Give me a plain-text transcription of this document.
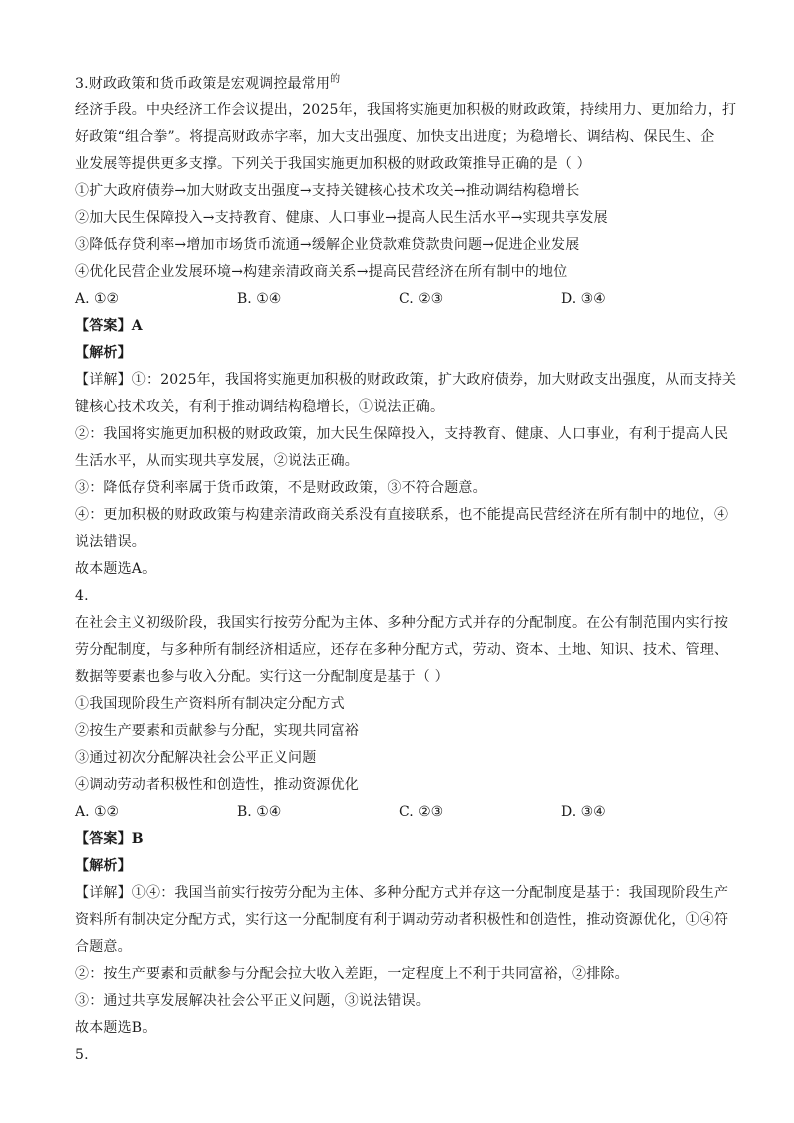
3.财政政策和货币政策是宏观调控最常用$^的$
经济手段。中央经济工作会议提出，2025年，我国将实施更加积极的财政政策，持续用力、更加给力，打
好政策“组合拳”。将提高财政赤字率，加大支出强度、加快支出进度；为稳增长、调结构、保民生、企
业发展等提供更多支撑。下列关于我国实施更加积极的财政政策推导正确的是（ ）
①扩大政府债券→加大财政支出强度→支持关键核心技术攻关→推动调结构稳增长
②加大民生保障投入→支持教育、健康、人口事业→提高人民生活水平→实现共享发展
③降低存贷利率→增加市场货币流通→缓解企业贷款难贷款贵问题→促进企业发展
④优化民营企业发展环境→构建亲清政商关系→提高民营经济在所有制中的地位
A. ①②	B. ①④	C. ②③	D. ③④
【答案】A
【解析】
【详解】①：2025年，我国将实施更加积极的财政政策，扩大政府债券，加大财政支出强度，从而支持关
键核心技术攻关，有利于推动调结构稳增长，①说法正确。
②：我国将实施更加积极的财政政策，加大民生保障投入，支持教育、健康、人口事业，有利于提高人民
生活水平，从而实现共享发展，②说法正确。
③：降低存贷利率属于货币政策，不是财政政策，③不符合题意。
④：更加积极的财政政策与构建亲清政商关系没有直接联系，也不能提高民营经济在所有制中的地位，④
说法错误。
故本题选A。
4.
在社会主义初级阶段，我国实行按劳分配为主体、多种分配方式并存的分配制度。在公有制范围内实行按
劳分配制度，与多种所有制经济相适应，还存在多种分配方式，劳动、资本、土地、知识、技术、管理、
数据等要素也参与收入分配。实行这一分配制度是基于（ ）
①我国现阶段生产资料所有制决定分配方式
②按生产要素和贡献参与分配，实现共同富裕
③通过初次分配解决社会公平正义问题
④调动劳动者积极性和创造性，推动资源优化
A. ①②	B. ①④	C. ②③	D. ③④
【答案】B
【解析】
【详解】①④：我国当前实行按劳分配为主体、多种分配方式并存这一分配制度是基于：我国现阶段生产
资料所有制决定分配方式，实行这一分配制度有利于调动劳动者积极性和创造性，推动资源优化，①④符
合题意。
②：按生产要素和贡献参与分配会拉大收入差距，一定程度上不利于共同富裕，②排除。
③：通过共享发展解决社会公平正义问题，③说法错误。
故本题选B。
5.
